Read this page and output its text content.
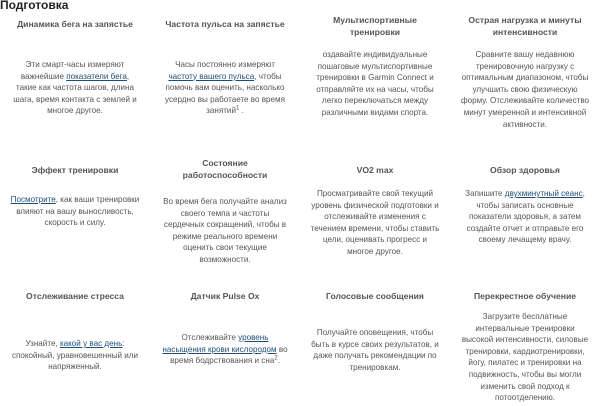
Подготовка
Динамика бега на запястье
Эти смарт-часы измеряют важнейшие показатели бега, такие как частота шагов, длина шага, время контакта с землей и многое другое.
Частота пульса на запястье
Часы постоянно измеряют частоту вашего пульса, чтобы помочь вам оценить, насколько усердно вы работаете во время занятий$^1$ .
Мультиспортивные тренировки
оздавайте индивидуальные пошаговые мультиспортивные тренировки в Garmin Connect и отправляйте их на часы, чтобы легко переключаться между различными видами спорта.
Острая нагрузка и минуты интенсивности
Сравните вашу недавнюю тренировочную нагрузку с оптимальным диапазоном, чтобы улучшить свою физическую форму. Отслеживайте количество минут умеренной и интенсивной активности.
Эффект тренировки
Посмотрите, как ваши тренировки влияют на вашу выносливость, скорость и силу.
Состояние работоспособности
Во время бега получайте анализ своего темпа и частоты сердечных сокращений, чтобы в режиме реального времени оценить свои текущие возможности.
VO2 max
Просматривайте свой текущий уровень физической подготовки и отслеживайте изменения с течением времени, чтобы ставить цели, оценивать прогресс и многое другое.
Обзор здоровья
Запишите двухминутный сеанс, чтобы записать основные показатели здоровья, а затем создайте отчет и отправьте его своему лечащему врачу.
Отслеживание стресса
Узнайте, какой у вас день: спокойный, уравновешенный или напряженный.
Датчик Pulse Ox
Отслеживайте уровень насыщения крови кислородом во время бодрствования и сна$^2$.
Голосовые сообщения
Получайте оповещения, чтобы быть в курсе своих результатов, и даже получать рекомендации по тренировкам.
Перекрестное обучение
Загрузите бесплатные интервальные тренировки высокой интенсивности, силовые тренировки, кардиотренировки, йогу, пилатес и тренировки на подвижность, чтобы вы могли изменить свой подход к потоотделению.
